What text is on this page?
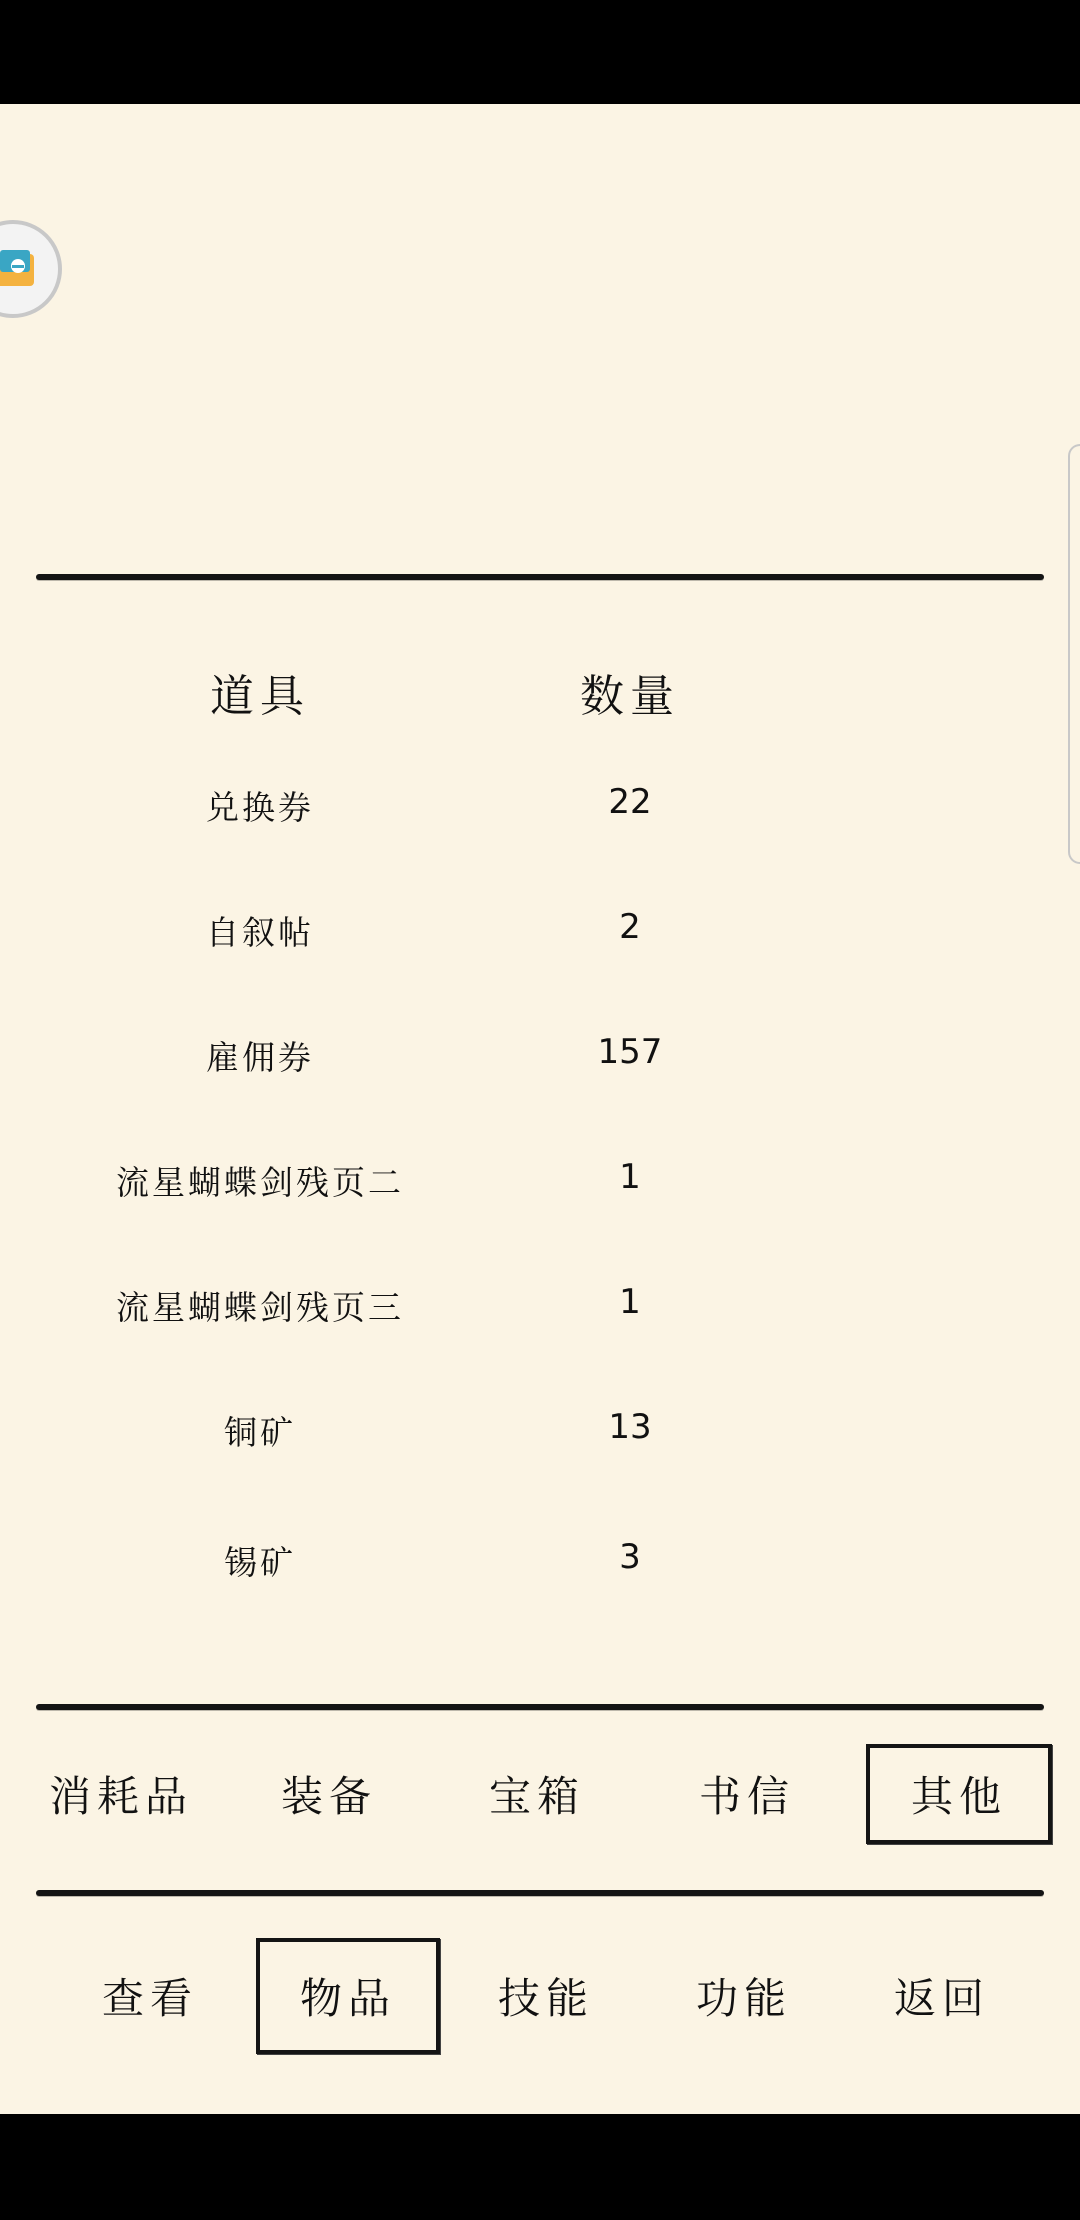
道具	数量
兑换券	22
自叙帖	2
雇佣券	157
流星蝴蝶剑残页二	1
流星蝴蝶剑残页三	1
铜矿	13
锡矿	3
消耗品	装备	宝箱	书信	其他
查看	物品	技能	功能	返回
